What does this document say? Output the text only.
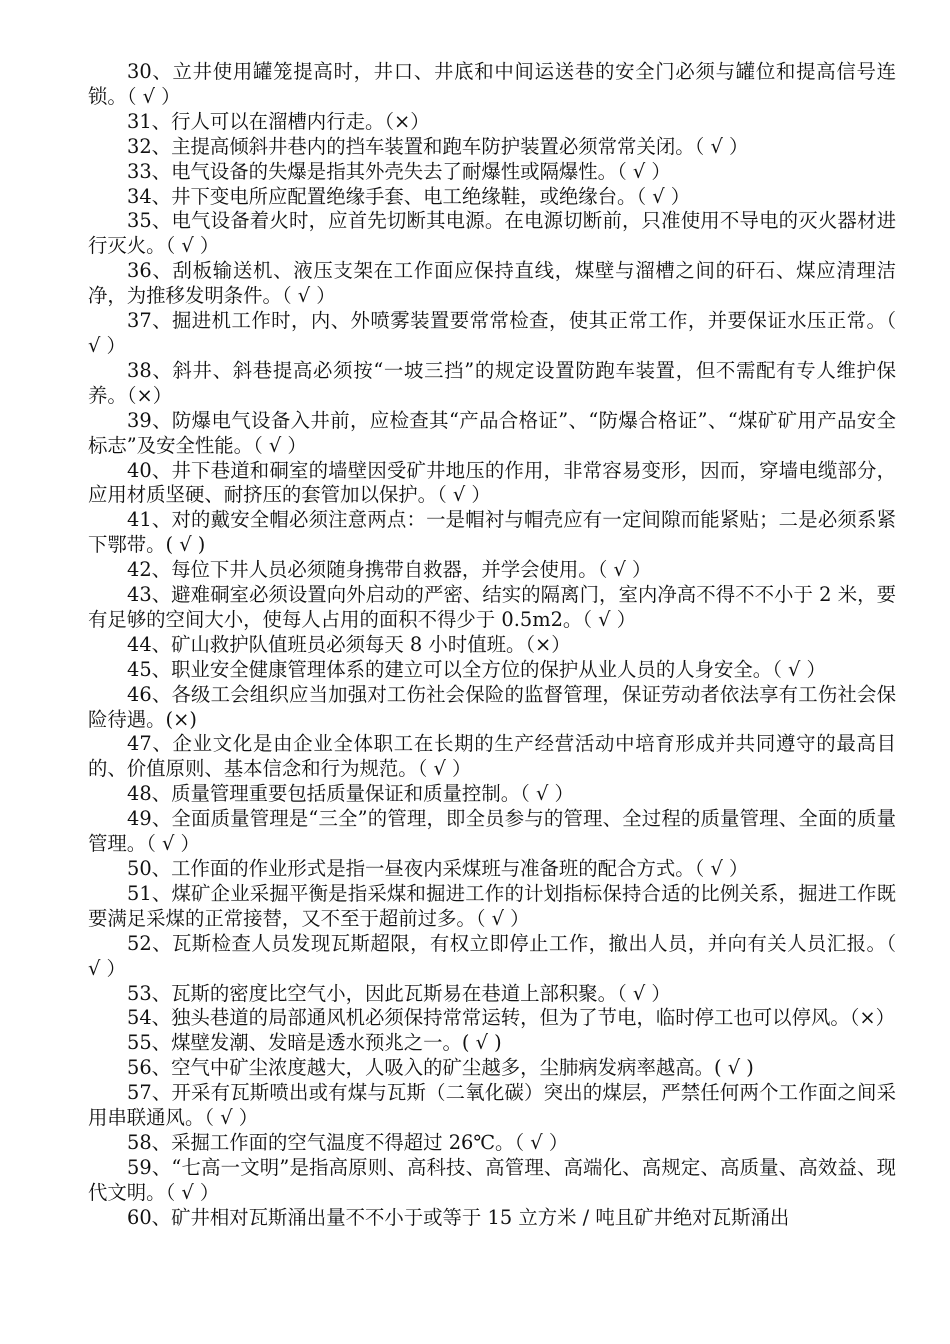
30、立井使用罐笼提高时，井口、井底和中间运送巷的安全门必须与罐位和提高信号连锁。（ √ ）

31、行人可以在溜槽内行走。（×）

32、主提高倾斜井巷内的挡车装置和跑车防护装置必须常常关闭。（ √ ）

33、电气设备的失爆是指其外壳失去了耐爆性或隔爆性。（ √ ）

34、井下变电所应配置绝缘手套、电工绝缘鞋，或绝缘台。（ √ ）

35、电气设备着火时，应首先切断其电源。在电源切断前，只准使用不导电的灭火器材进行灭火。（ √ ）

36、刮板输送机、液压支架在工作面应保持直线，煤壁与溜槽之间的矸石、煤应清理洁净，为推移发明条件。（ √ ）

37、掘进机工作时，内、外喷雾装置要常常检查，使其正常工作，并要保证水压正常。（ √ ）

38、斜井、斜巷提高必须按“一坡三挡”的规定设置防跑车装置，但不需配有专人维护保养。（×）

39、防爆电气设备入井前，应检查其“产品合格证”、“防爆合格证”、“煤矿矿用产品安全标志”及安全性能。（ √ ）

40、井下巷道和硐室的墙壁因受矿井地压的作用，非常容易变形，因而，穿墙电缆部分，应用材质坚硬、耐挤压的套管加以保护。（ √ ）

41、对的戴安全帽必须注意两点：一是帽衬与帽壳应有一定间隙而能紧贴；二是必须系紧下鄂带。( √ )

42、每位下井人员必须随身携带自救器，并学会使用。（ √ ）

43、避难硐室必须设置向外启动的严密、结实的隔离门，室内净高不得不不小于 2 米，要有足够的空间大小，使每人占用的面积不得少于 0.5m2。（ √ ）

44、矿山救护队值班员必须每天 8 小时值班。（×）

45、职业安全健康管理体系的建立可以全方位的保护从业人员的人身安全。（ √ ）

46、各级工会组织应当加强对工伤社会保险的监督管理，保证劳动者依法享有工伤社会保险待遇。(×)

47、企业文化是由企业全体职工在长期的生产经营活动中培育形成并共同遵守的最高目的、价值原则、基本信念和行为规范。（ √ ）

48、质量管理重要包括质量保证和质量控制。（ √ ）

49、全面质量管理是“三全”的管理，即全员参与的管理、全过程的质量管理、全面的质量管理。（ √ ）

50、工作面的作业形式是指一昼夜内采煤班与准备班的配合方式。（ √ ）

51、煤矿企业采掘平衡是指采煤和掘进工作的计划指标保持合适的比例关系，掘进工作既要满足采煤的正常接替，又不至于超前过多。（ √ ）

52、瓦斯检查人员发现瓦斯超限，有权立即停止工作，撤出人员，并向有关人员汇报。（ √ ）

53、瓦斯的密度比空气小，因此瓦斯易在巷道上部积聚。（ √ ）

54、独头巷道的局部通风机必须保持常常运转，但为了节电，临时停工也可以停风。（×）

55、煤壁发潮、发暗是透水预兆之一。( √ )

56、空气中矿尘浓度越大，人吸入的矿尘越多，尘肺病发病率越高。( √ )

57、开采有瓦斯喷出或有煤与瓦斯（二氧化碳）突出的煤层，严禁任何两个工作面之间采用串联通风。（ √ ）

58、采掘工作面的空气温度不得超过 26℃。（ √ ）

59、“七高一文明”是指高原则、高科技、高管理、高端化、高规定、高质量、高效益、现代文明。（ √ ）

60、矿井相对瓦斯涌出量不不小于或等于 15 立方米 / 吨且矿井绝对瓦斯涌出
